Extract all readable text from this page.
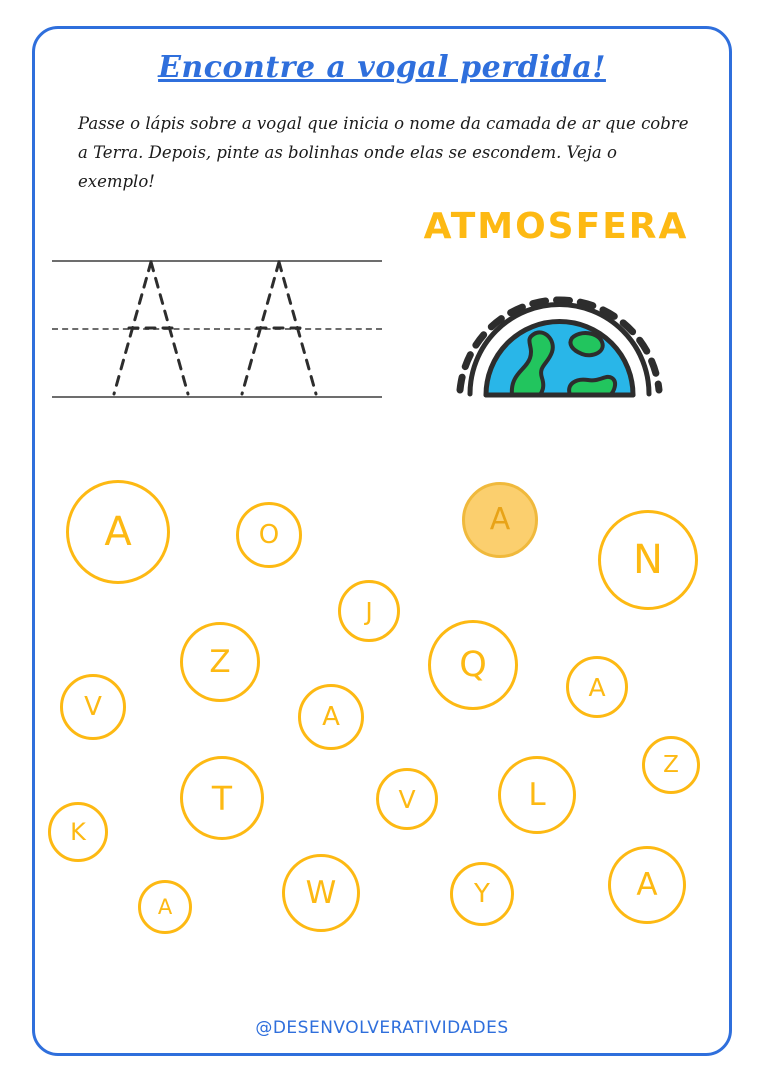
Encontre a vogal perdida!
Passe o lápis sobre a vogal que inicia o nome da camada de ar que cobre a Terra. Depois, pinte as bolinhas onde elas se escondem. Veja o exemplo!
ATMOSFERA
A	O	A
N
J
Z	Q
A
V	A
Z
T	V	L
K
A	W	Y	A
@DESENVOLVERATIVIDADES
